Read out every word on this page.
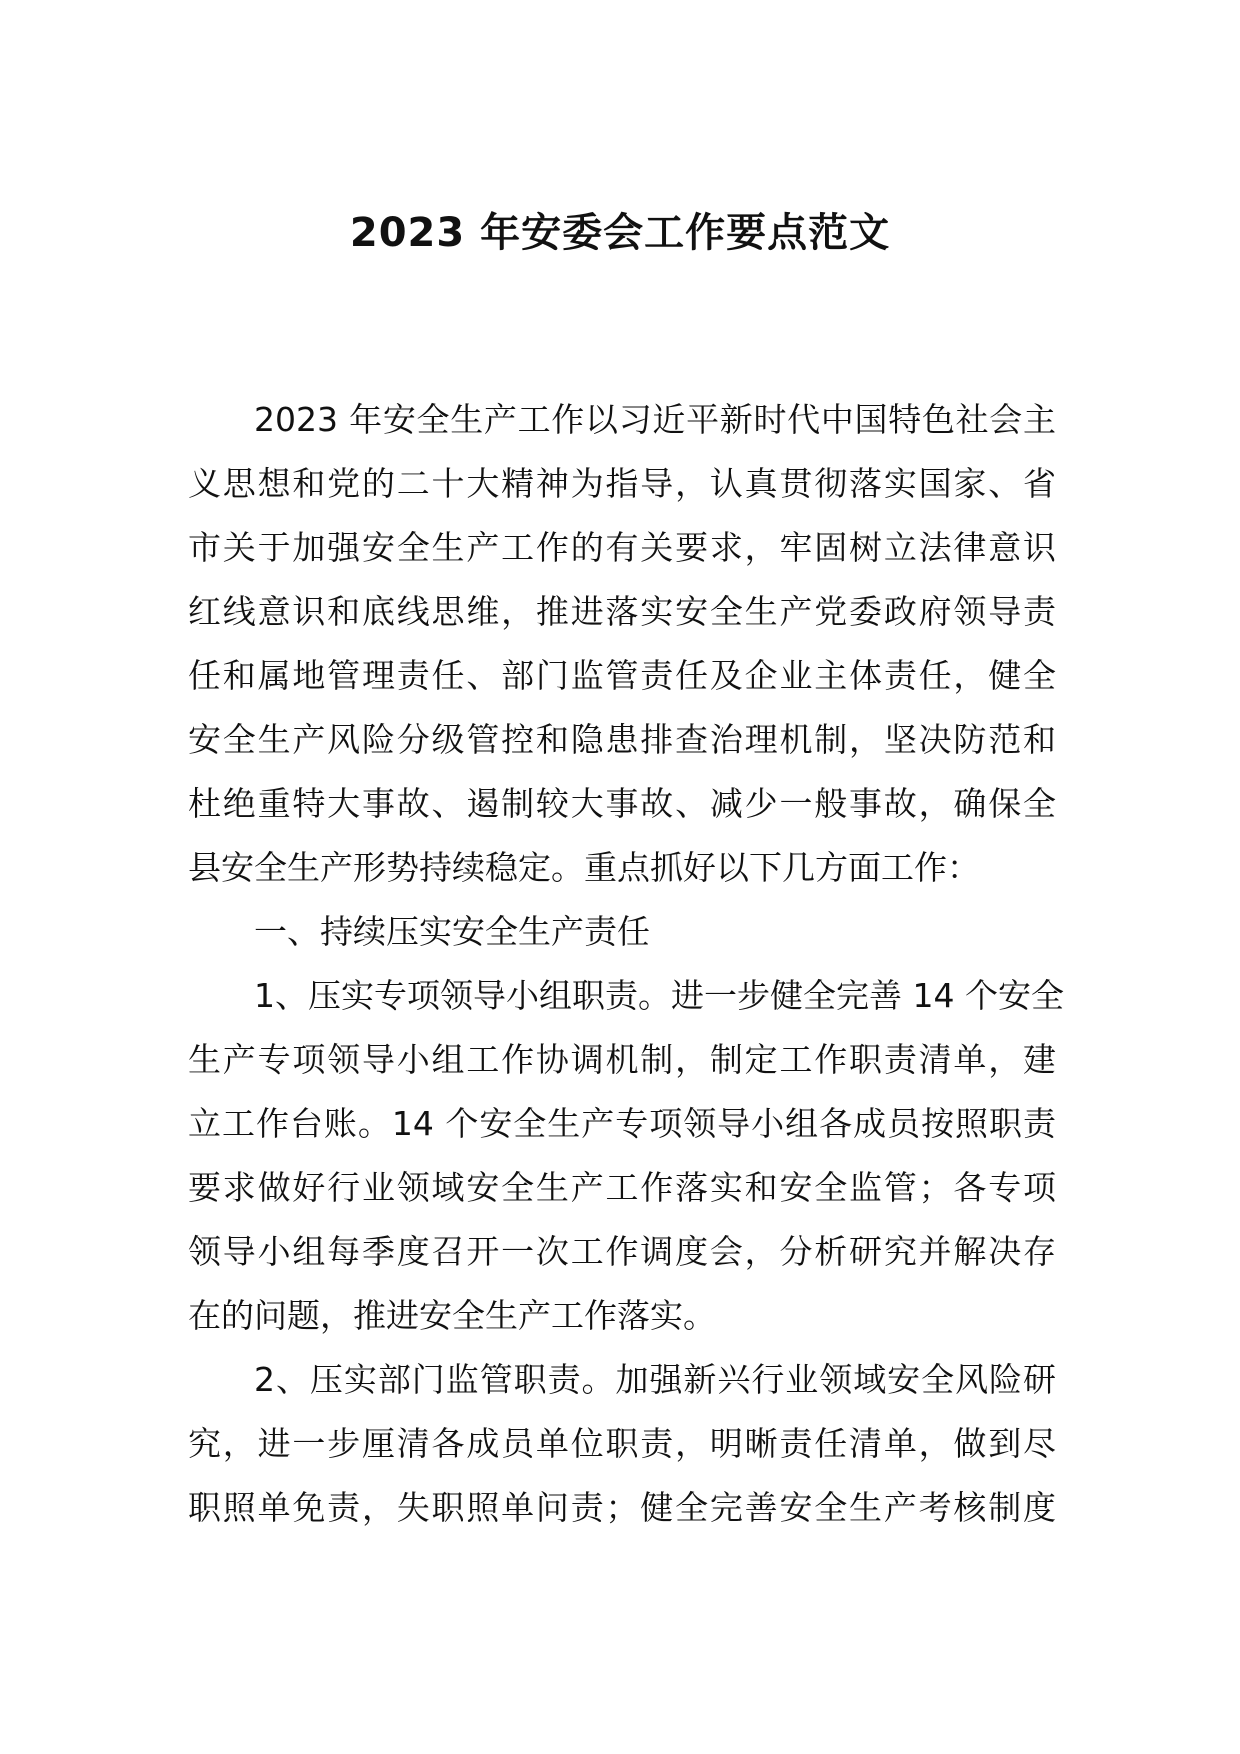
2023 年安委会工作要点范文
2023 年安全生产工作以习近平新时代中国特色社会主
义思想和党的二十大精神为指导，认真贯彻落实国家、省
市关于加强安全生产工作的有关要求，牢固树立法律意识
红线意识和底线思维，推进落实安全生产党委政府领导责
任和属地管理责任、部门监管责任及企业主体责任，健全
安全生产风险分级管控和隐患排查治理机制，坚决防范和
杜绝重特大事故、遏制较大事故、减少一般事故，确保全
县安全生产形势持续稳定。重点抓好以下几方面工作：
一、持续压实安全生产责任
1、压实专项领导小组职责。进一步健全完善 14 个安全
生产专项领导小组工作协调机制，制定工作职责清单，建
立工作台账。14 个安全生产专项领导小组各成员按照职责
要求做好行业领域安全生产工作落实和安全监管；各专项
领导小组每季度召开一次工作调度会，分析研究并解决存
在的问题，推进安全生产工作落实。
2、压实部门监管职责。加强新兴行业领域安全风险研
究，进一步厘清各成员单位职责，明晰责任清单，做到尽
职照单免责，失职照单问责；健全完善安全生产考核制度
